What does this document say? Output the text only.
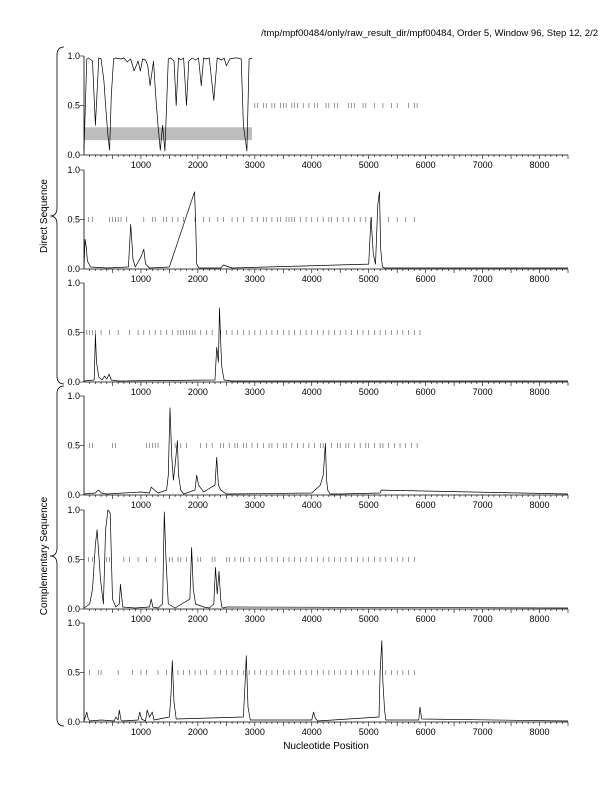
/tmp/mpf00484/only/raw_result_dir/mpf00484, Order 5, Window 96, Step 12, 2/2
1000	2000	3000	4000	5000	6000	7000	8000
0.0
0.5
1.0
1000	2000	3000	4000	5000	6000	7000	8000
0.0
0.5
1.0
1000	2000	3000	4000	5000	6000	7000	8000
0.0
0.5
1.0
1000	2000	3000	4000	5000	6000	7000	8000
0.0
0.5
1.0
1000	2000	3000	4000	5000	6000	7000	8000
0.0
0.5
1.0
1000	2000	3000	4000	5000	6000	7000	8000
0.0
0.5
1.0
Direct Sequence
Complementary Sequence
Nucleotide Position
